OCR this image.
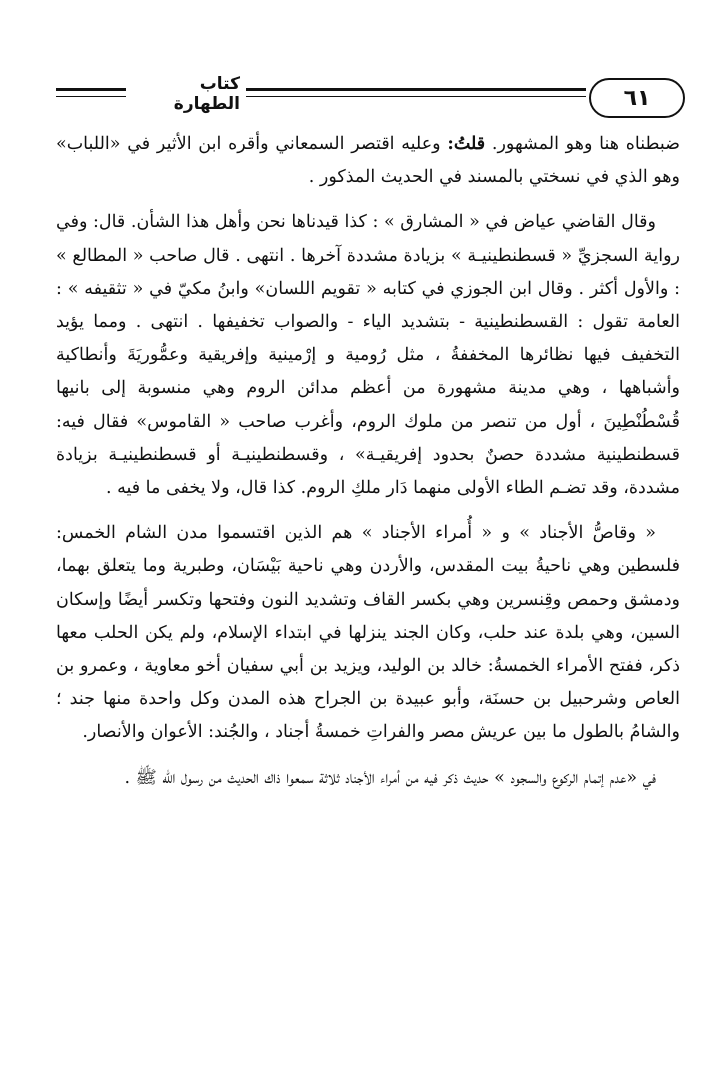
كتاب الطهارة	٦١

ضبطناه هنا وهو المشهور. قلتُ: وعليه اقتصر السمعاني وأقره ابن الأثير في «اللباب» وهو الذي في نسختي بالمسند في الحديث المذكور .

وقال القاضي عياض في « المشارق » : كذا قيدناها نحن وأهل هذا الشأن. قال: وفي رواية السجزيِّ « قسطنطينيـة » بزيادة مشددة آخرها . انتهى . قال صاحب « المطالع » : والأول أكثر . وقال ابن الجوزي في كتابه « تقويم اللسان» وابنُ مكيّ في « تثقيفه » : العامة تقول : القسطنطينية - بتشديد الياء - والصواب تخفيفها . انتهى . ومما يؤيد التخفيف فيها نظائرها المخففةُ ، مثل رُومية و إرْمينية وإفريقية وعمُّوريَةَ وأنطاكية وأشباهها ، وهي مدينة مشهورة من أعظم مدائن الروم وهي منسوبة إلى بانيها قُسْطُنْطِينَ ، أول من تنصر من ملوك الروم، وأغرب صاحب « القاموس» فقال فيه: قسطنطينية مشددة حصنٌ بحدود إفريقيـة» ، وقسطنطينيـة أو قسطنطينيـة بزيادة مشددة، وقد تضـم الطاء الأولى منهما دَار ملكِ الروم. كذا قال، ولا يخفى ما فيه .

« وقاصُّ الأجناد » و « أُمراء الأجناد » هم الذين اقتسموا مدن الشام الخمس: فلسطين وهي ناحيةُ بيت المقدس، والأردن وهي ناحية بَيْسَان، وطبرية وما يتعلق بهما، ودمشق وحمص وقِنسرين وهي بكسر القاف وتشديد النون وفتحها وتكسر أيضًا وإسكان السين، وهي بلدة عند حلب، وكان الجند ينزلها في ابتداء الإسلام، ولم يكن الحلب معها ذكر، ففتح الأمراء الخمسةُ: خالد بن الوليد، ويزيد بن أبي سفيان أخو معاوية ، وعمرو بن العاص وشرحبيل بن حسنَة، وأبو عبيدة بن الجراح هذه المدن وكل واحدة منها جند ؛ والشامُ بالطول ما بين عريش مصر والفراتِ خمسةُ أجناد ، والجُند: الأعوان والأنصار.

في «عدم إتمام الركوع والسجود » حديث ذكر فيه من أمراء الأجناد ثلاثة سمعوا ذاك الحديث من رسول الله ﷺ .
